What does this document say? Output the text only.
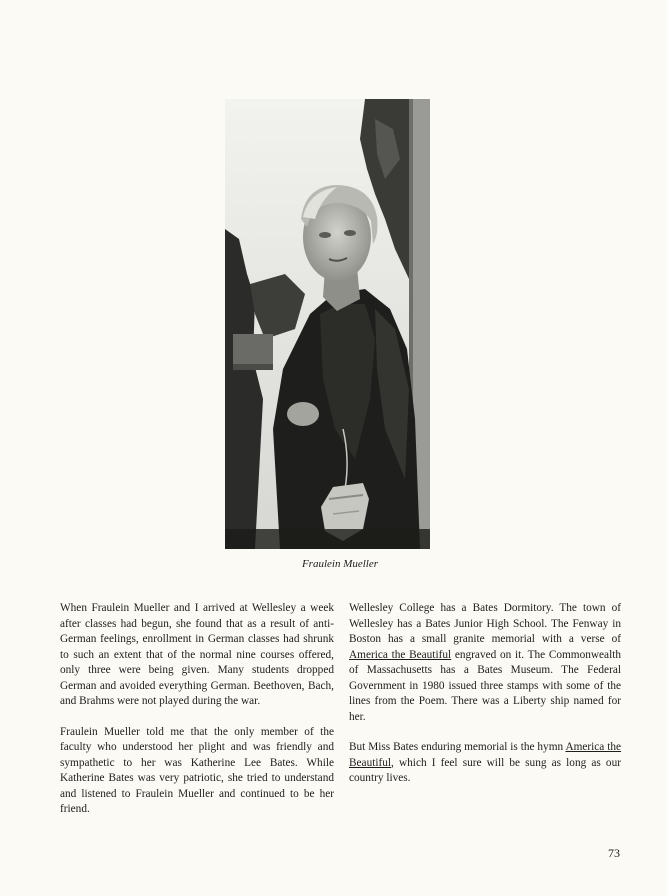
Fraulein Mueller

When Fraulein Mueller and I arrived at Wellesley a week after classes had begun, she found that as a result of anti-German feelings, enrollment in German classes had shrunk to such an extent that of the normal nine courses offered, only three were being given. Many students dropped German and avoided everything German. Beethoven, Bach, and Brahms were not played during the war.

Fraulein Mueller told me that the only member of the faculty who understood her plight and was friendly and sympathetic to her was Katherine Lee Bates. While Katherine Bates was very patriotic, she tried to understand and listened to Fraulein Mueller and continued to be her friend.

Wellesley College has a Bates Dormitory. The town of Wellesley has a Bates Junior High School. The Fenway in Boston has a small granite memorial with a verse of America the Beautiful engraved on it. The Commonwealth of Massachusetts has a Bates Museum. The Federal Government in 1980 issued three stamps with some of the lines from the Poem. There was a Liberty ship named for her.

But Miss Bates enduring memorial is the hymn America the Beautiful, which I feel sure will be sung as long as our country lives.

73
